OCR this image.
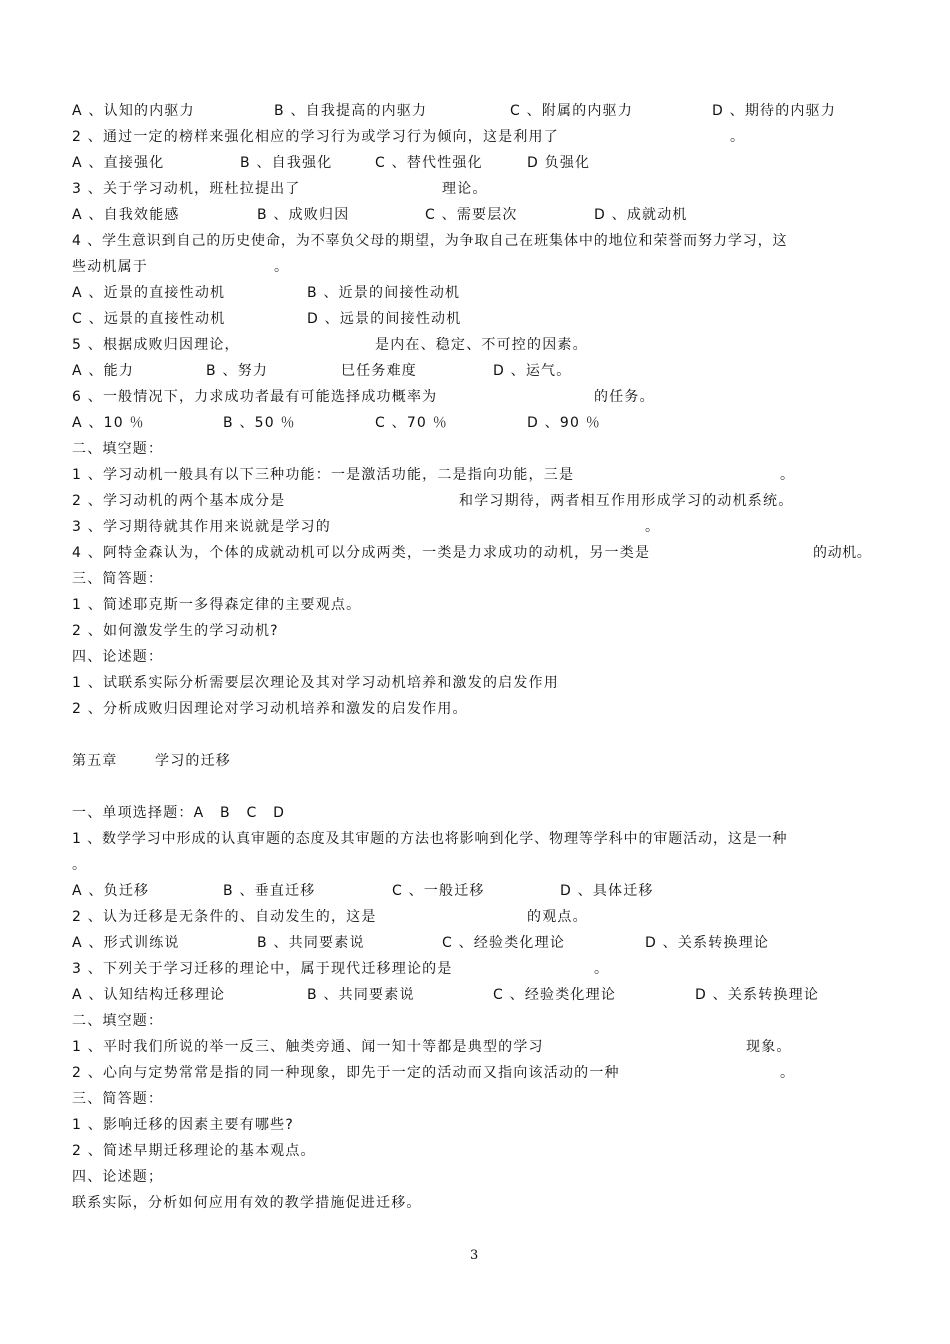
A 、认知的内驱力	B 、自我提高的内驱力	C 、附属的内驱力	D 、期待的内驱力
2 、通过一定的榜样来强化相应的学习行为或学习行为倾向，这是利用了	。
A 、直接强化	B 、自我强化	C 、替代性强化	D 负强化
3 、关于学习动机，班杜拉提出了	理论。
A 、自我效能感	B 、成败归因	C 、需要层次	D 、成就动机
4 、学生意识到自己的历史使命，为不辜负父母的期望，为争取自己在班集体中的地位和荣誉而努力学习，这
些动机属于	。
A 、近景的直接性动机	B 、近景的间接性动机
C 、远景的直接性动机	D 、远景的间接性动机
5 、根据成败归因理论，	是内在、稳定、不可控的因素。
A 、能力	B 、努力	巳任务难度	D 、运气。
6 、一般情况下，力求成功者最有可能选择成功概率为	的任务。
A 、10 ％	B 、50 ％	C 、70 ％	D 、90 ％
二、填空题：
1 、学习动机一般具有以下三种功能：一是激活功能，二是指向功能，三是	。
2 、学习动机的两个基本成分是	和学习期待，两者相互作用形成学习的动机系统。
3 、学习期待就其作用来说就是学习的	。
4 、阿特金森认为，个体的成就动机可以分成两类，一类是力求成功的动机，另一类是	的动机。
三、简答题：
1 、简述耶克斯一多得森定律的主要观点。
2 、如何激发学生的学习动机?
四、论述题：
1 、试联系实际分析需要层次理论及其对学习动机培养和激发的启发作用
2 、分析成败归因理论对学习动机培养和激发的启发作用。
第五章	学习的迁移
一、单项选择题：A B C D
1 、数学学习中形成的认真审题的态度及其审题的方法也将影响到化学、物理等学科中的审题活动，这是一种
。
A 、负迁移	B 、垂直迁移	C 、一般迁移	D 、具体迁移
2 、认为迁移是无条件的、自动发生的，这是	的观点。
A 、形式训练说	B 、共同要素说	C 、经验类化理论	D 、关系转换理论
3 、下列关于学习迁移的理论中，属于现代迁移理论的是	。
A 、认知结构迁移理论	B 、共同要素说	C 、经验类化理论	D 、关系转换理论
二、填空题：
1 、平时我们所说的举一反三、触类旁通、闻一知十等都是典型的学习	现象。
2 、心向与定势常常是指的同一种现象，即先于一定的活动而又指向该活动的一种	。
三、简答题：
1 、影响迁移的因素主要有哪些?
2 、简述早期迁移理论的基本观点。
四、论述题；
联系实际，分析如何应用有效的教学措施促进迁移。
3
